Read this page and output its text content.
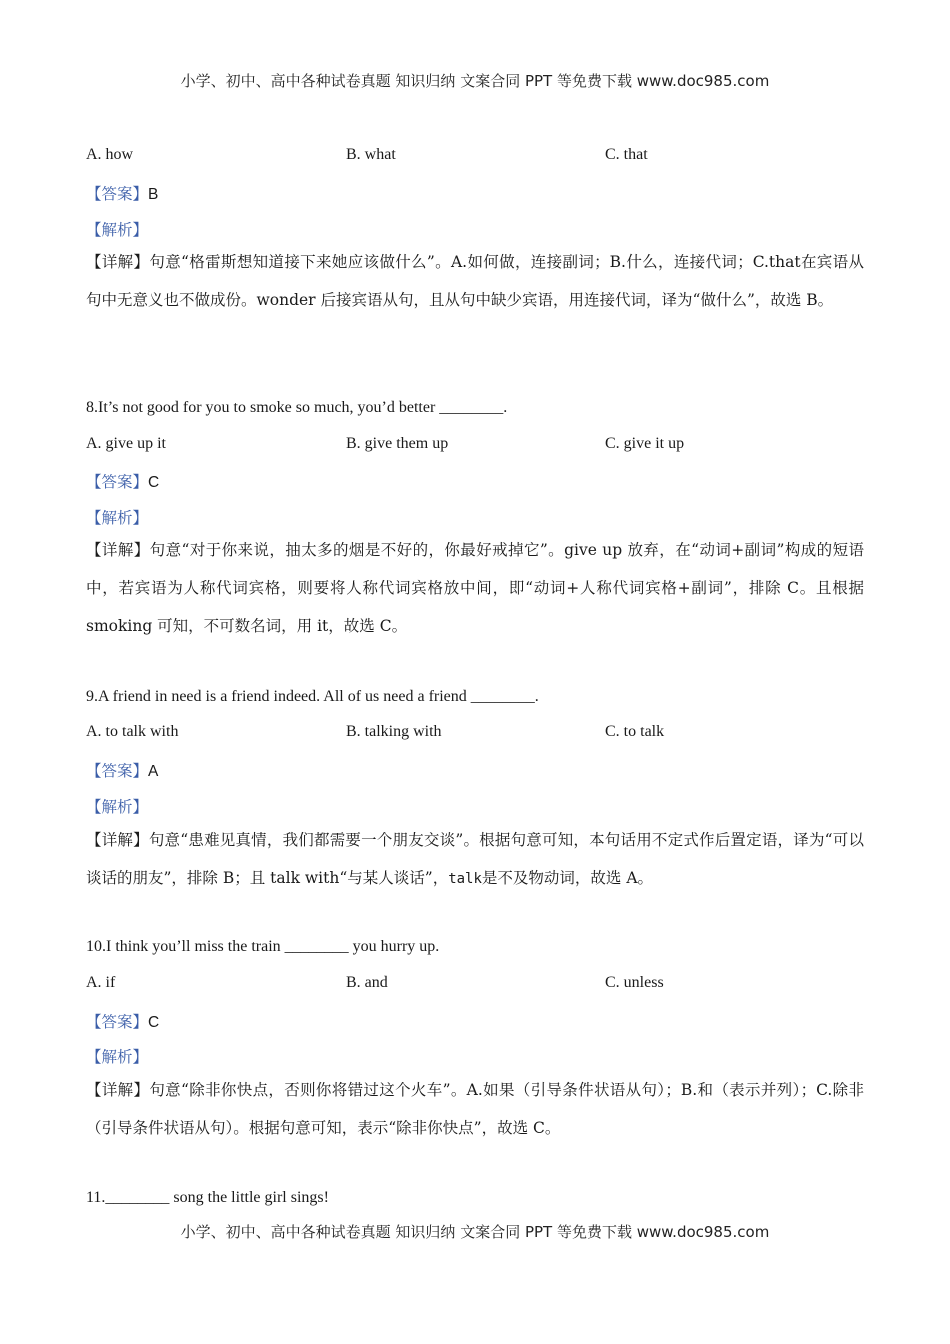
小学、初中、高中各种试卷真题 知识归纳 文案合同 PPT 等免费下载 www.doc985.com
A. how	B. what	C. that
【答案】B
【解析】
【详解】句意“格雷斯想知道接下来她应该做什么”。A.如何做，连接副词；B.什么，连接代词；C.that在宾语从句中无意义也不做成份。wonder 后接宾语从句，且从句中缺少宾语，用连接代词，译为“做什么”，故选 B。
8.It’s not good for you to smoke so much, you’d better ________.
A. give up it	B. give them up	C. give it up
【答案】C
【解析】
【详解】句意“对于你来说，抽太多的烟是不好的，你最好戒掉它”。give up 放弃，在“动词+副词”构成的短语中，若宾语为人称代词宾格，则要将人称代词宾格放中间，即“动词+人称代词宾格+副词”，排除 C。且根据 smoking 可知，不可数名词，用 it，故选 C。
9.A friend in need is a friend indeed. All of us need a friend ________.
A. to talk with	B. talking with	C. to talk
【答案】A
【解析】
【详解】句意“患难见真情，我们都需要一个朋友交谈”。根据句意可知，本句话用不定式作后置定语，译为“可以谈话的朋友”，排除 B；且 talk with“与某人谈话”，talk是不及物动词，故选 A。
10.I think you’ll miss the train ________ you hurry up.
A. if	B. and	C. unless
【答案】C
【解析】
【详解】句意“除非你快点，否则你将错过这个火车”。A.如果（引导条件状语从句）；B.和（表示并列）；C.除非（引导条件状语从句）。根据句意可知，表示“除非你快点”，故选 C。
11.________ song the little girl sings!
小学、初中、高中各种试卷真题 知识归纳 文案合同 PPT 等免费下载 www.doc985.com
